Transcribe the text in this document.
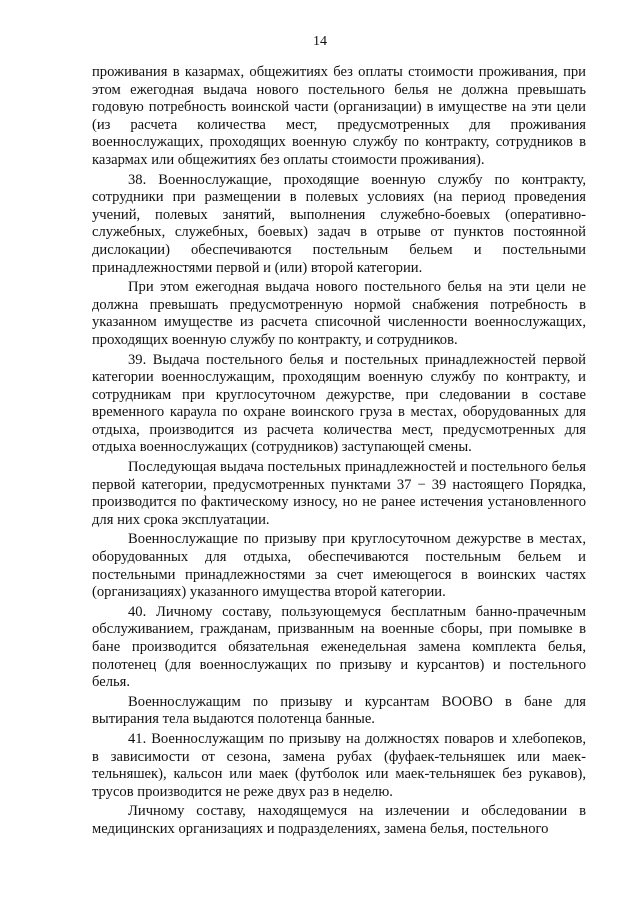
14

проживания в казармах, общежитиях без оплаты стоимости проживания, при этом ежегодная выдача нового постельного белья не должна превышать годовую потребность воинской части (организации) в имуществе на эти цели (из расчета количества мест, предусмотренных для проживания военнослужащих, проходящих военную службу по контракту, сотрудников в казармах или общежитиях без оплаты стоимости проживания).

38. Военнослужащие, проходящие военную службу по контракту, сотрудники при размещении в полевых условиях (на период проведения учений, полевых занятий, выполнения служебно-боевых (оперативно-служебных, служебных, боевых) задач в отрыве от пунктов постоянной дислокации) обеспечиваются постельным бельем и постельными принадлежностями первой и (или) второй категории.

При этом ежегодная выдача нового постельного белья на эти цели не должна превышать предусмотренную нормой снабжения потребность в указанном имуществе из расчета списочной численности военнослужащих, проходящих военную службу по контракту, и сотрудников.

39. Выдача постельного белья и постельных принадлежностей первой категории военнослужащим, проходящим военную службу по контракту, и сотрудникам при круглосуточном дежурстве, при следовании в составе временного караула по охране воинского груза в местах, оборудованных для отдыха, производится из расчета количества мест, предусмотренных для отдыха военнослужащих (сотрудников) заступающей смены.

Последующая выдача постельных принадлежностей и постельного белья первой категории, предусмотренных пунктами 37 − 39 настоящего Порядка, производится по фактическому износу, но не ранее истечения установленного для них срока эксплуатации.

Военнослужащие по призыву при круглосуточном дежурстве в местах, оборудованных для отдыха, обеспечиваются постельным бельем и постельными принадлежностями за счет имеющегося в воинских частях (организациях) указанного имущества второй категории.

40. Личному составу, пользующемуся бесплатным банно-прачечным обслуживанием, гражданам, призванным на военные сборы, при помывке в бане производится обязательная еженедельная замена комплекта белья, полотенец (для военнослужащих по призыву и курсантов) и постельного белья.

Военнослужащим по призыву и курсантам ВООВО в бане для вытирания тела выдаются полотенца банные.

41. Военнослужащим по призыву на должностях поваров и хлебопеков, в зависимости от сезона, замена рубах (фуфаек-тельняшек или маек-тельняшек), кальсон или маек (футболок или маек-тельняшек без рукавов), трусов производится не реже двух раз в неделю.

Личному составу, находящемуся на излечении и обследовании в медицинских организациях и подразделениях, замена белья, постельного
